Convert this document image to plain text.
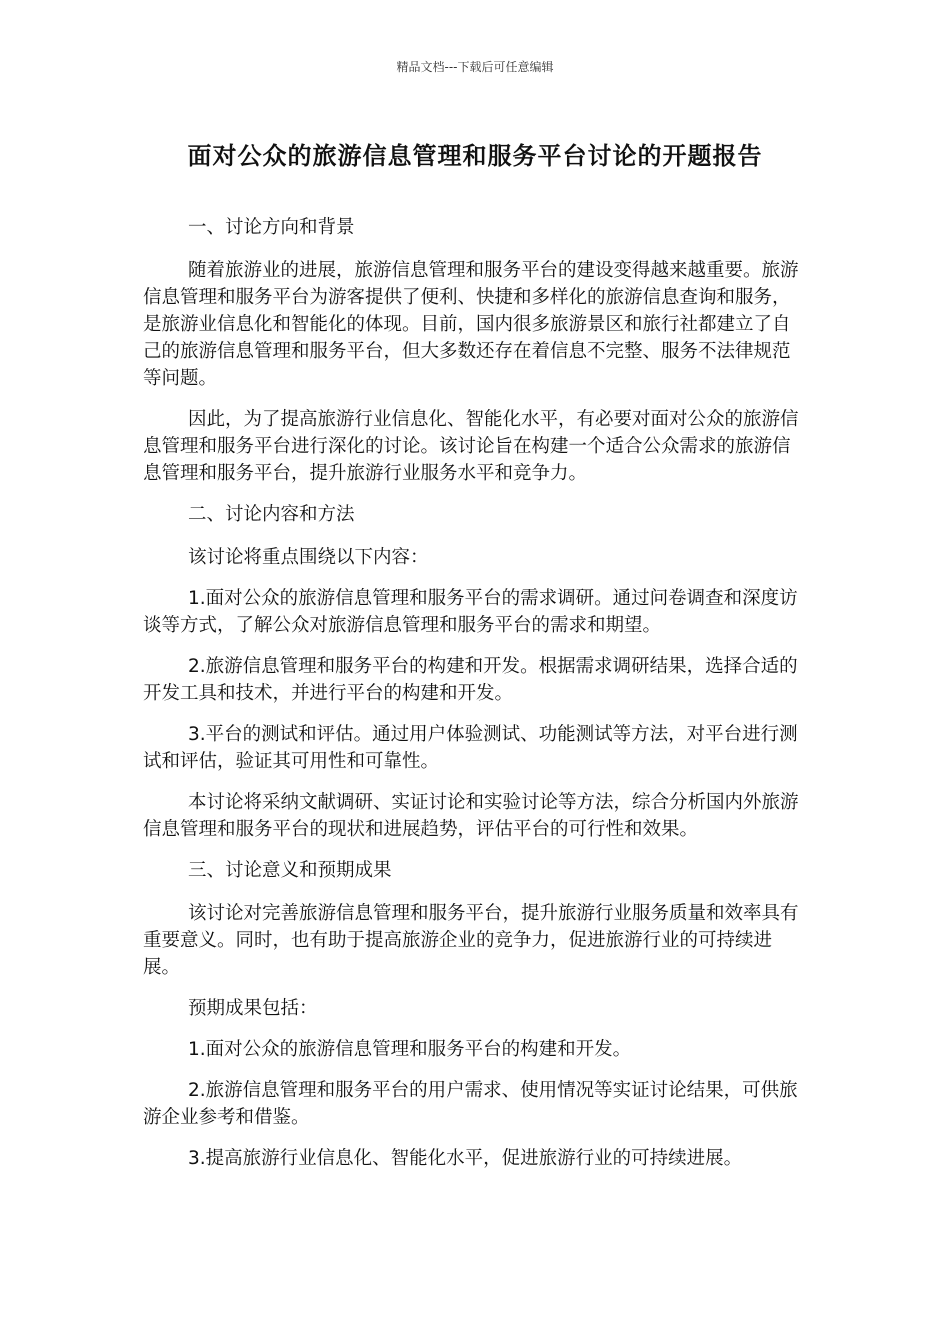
精品文档---下载后可任意编辑
面对公众的旅游信息管理和服务平台讨论的开题报告

一、讨论方向和背景

随着旅游业的进展，旅游信息管理和服务平台的建设变得越来越重要。旅游信息管理和服务平台为游客提供了便利、快捷和多样化的旅游信息查询和服务，是旅游业信息化和智能化的体现。目前，国内很多旅游景区和旅行社都建立了自己的旅游信息管理和服务平台，但大多数还存在着信息不完整、服务不法律规范等问题。

因此，为了提高旅游行业信息化、智能化水平，有必要对面对公众的旅游信息管理和服务平台进行深化的讨论。该讨论旨在构建一个适合公众需求的旅游信息管理和服务平台，提升旅游行业服务水平和竞争力。

二、讨论内容和方法

该讨论将重点围绕以下内容：

1.面对公众的旅游信息管理和服务平台的需求调研。通过问卷调查和深度访谈等方式，了解公众对旅游信息管理和服务平台的需求和期望。

2.旅游信息管理和服务平台的构建和开发。根据需求调研结果，选择合适的开发工具和技术，并进行平台的构建和开发。

3.平台的测试和评估。通过用户体验测试、功能测试等方法，对平台进行测试和评估，验证其可用性和可靠性。

本讨论将采纳文献调研、实证讨论和实验讨论等方法，综合分析国内外旅游信息管理和服务平台的现状和进展趋势，评估平台的可行性和效果。

三、讨论意义和预期成果

该讨论对完善旅游信息管理和服务平台，提升旅游行业服务质量和效率具有重要意义。同时，也有助于提高旅游企业的竞争力，促进旅游行业的可持续进展。

预期成果包括：

1.面对公众的旅游信息管理和服务平台的构建和开发。

2.旅游信息管理和服务平台的用户需求、使用情况等实证讨论结果，可供旅游企业参考和借鉴。

3.提高旅游行业信息化、智能化水平，促进旅游行业的可持续进展。
